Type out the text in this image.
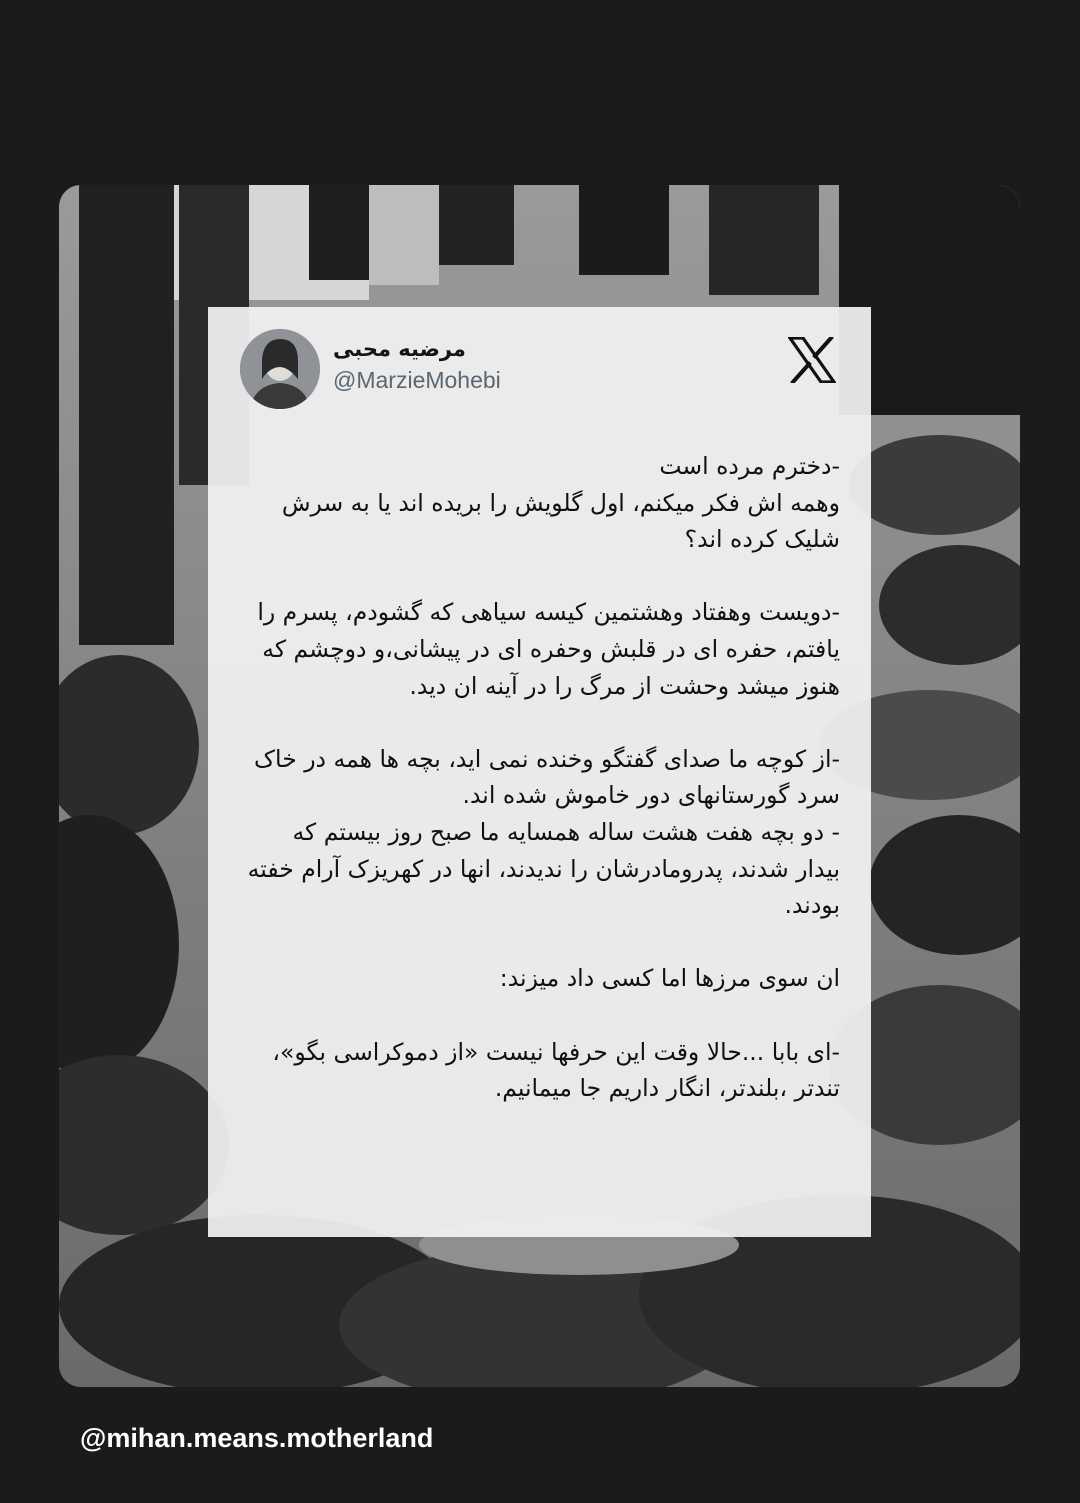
مرضیه محبی
@MarzieMohebi

-دخترم مرده است
وهمه اش فکر میکنم، اول گلویش را بریده اند یا به سرش شلیک کرده اند؟

-دویست وهفتاد وهشتمین کیسه سیاهی که گشودم، پسرم را یافتم، حفره ای در قلبش وحفره ای در پیشانی،و دوچشم که هنوز میشد وحشت از مرگ را در آینه ان دید.

-از کوچه ما صدای گفتگو وخنده نمی اید، بچه ها همه در خاک سرد گورستانهای دور خاموش شده اند.
- دو بچه هفت هشت ساله همسایه ما صبح روز بیستم که بیدار شدند، پدرومادرشان را ندیدند، انها در کهریزک آرام خفته بودند.

ان سوی مرزها اما کسی داد میزند:

-ای بابا ...حالا وقت این حرفها نیست «از دموکراسی بگو»، تندتر ،بلندتر، انگار داریم جا میمانیم.

@mihan.means.motherland
